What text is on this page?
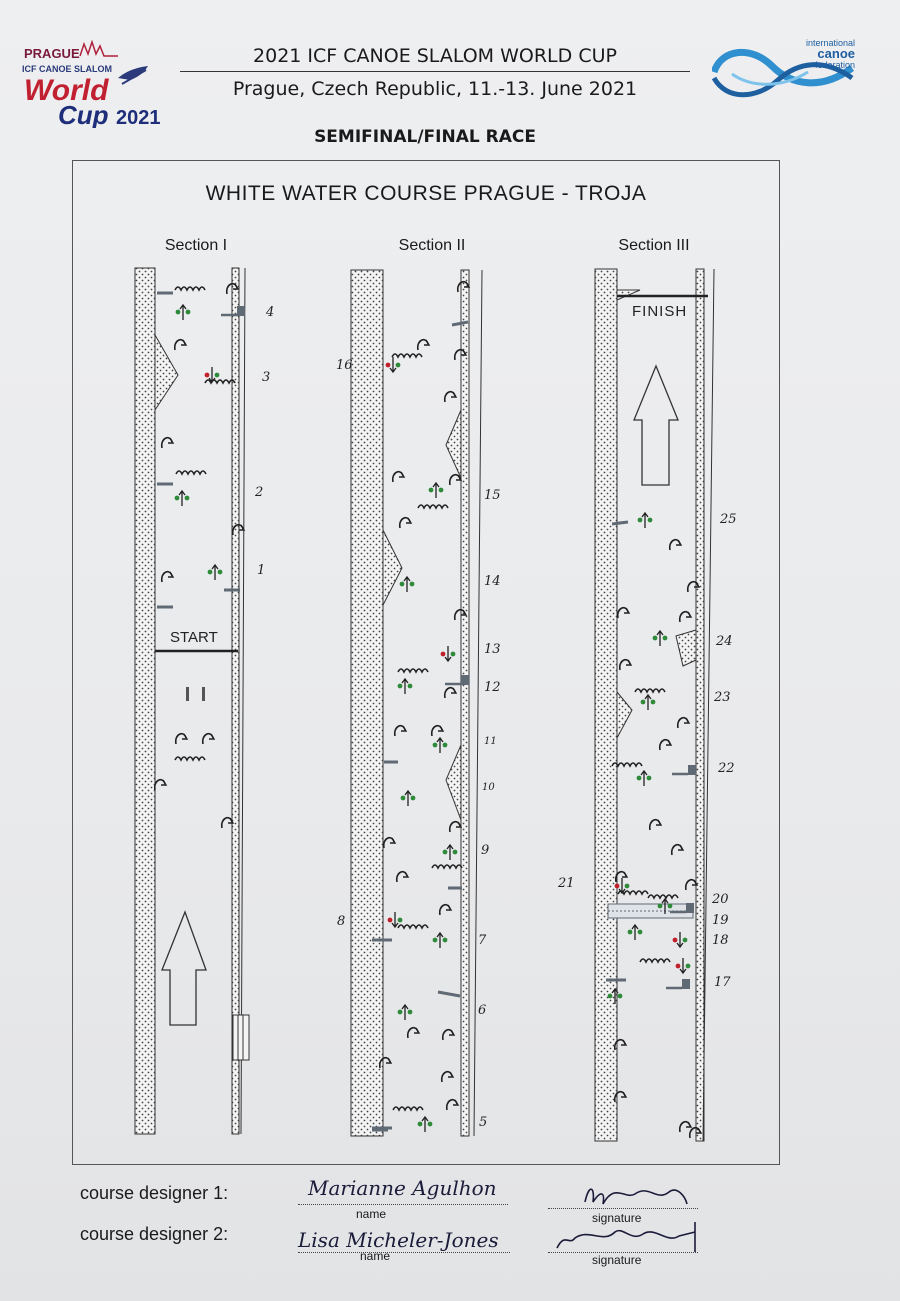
PRAGUE
ICF CANOE SLALOM
World
Cup 2021
2021 ICF CANOE SLALOM WORLD CUP
Prague, Czech Republic, 11.-13. June 2021
SEMIFINAL/FINAL RACE
international
canoe
federation
WHITE WATER COURSE PRAGUE - TROJA
Section I	Section II	Section III
START
FINISH
4
3
2
1
16
15
14
13
12
11
10
9
8
7
6
5
25
24
23
22
21
20
19
18
17
course designer 1:
course designer 2:
Marianne Agulhon
name
Lisa Micheler-Jones
name
signature
signature
